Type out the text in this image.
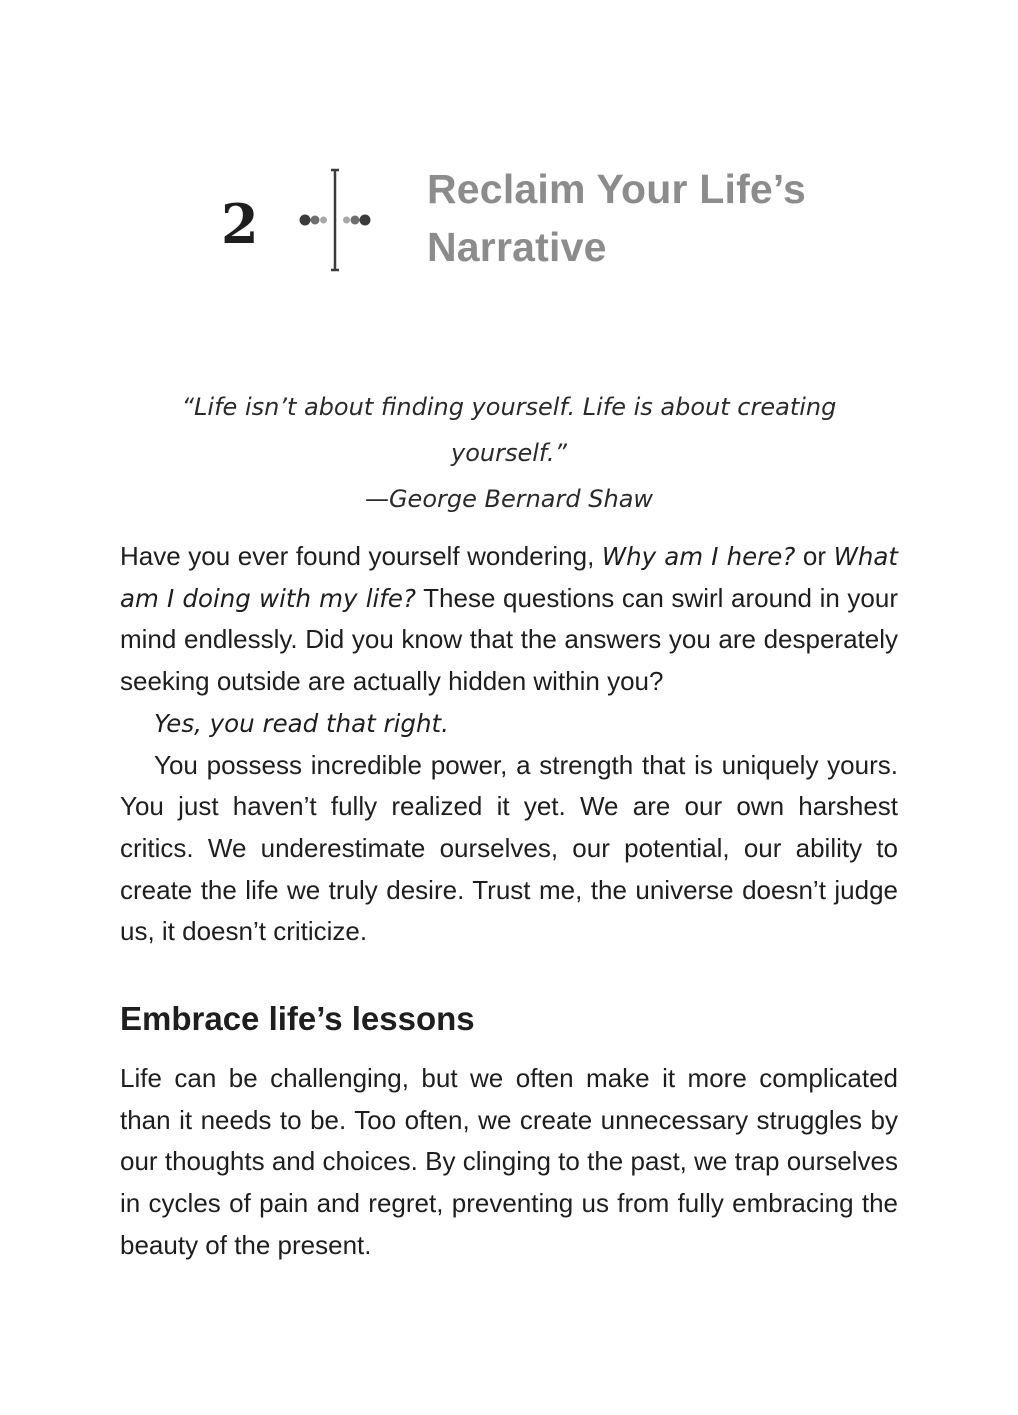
2
Reclaim Your Life’s
Narrative
“Life isn’t about finding yourself. Life is about creating yourself.”
—George Bernard Shaw

Have you ever found yourself wondering, Why am I here? or What am I doing with my life? These questions can swirl around in your mind endlessly. Did you know that the answers you are desperately seeking outside are actually hidden within you?

Yes, you read that right.

You possess incredible power, a strength that is uniquely yours. You just haven’t fully realized it yet. We are our own harshest critics. We underestimate ourselves, our potential, our ability to create the life we truly desire. Trust me, the universe doesn’t judge us, it doesn’t criticize.

Embrace life’s lessons

Life can be challenging, but we often make it more complicated than it needs to be. Too often, we create unnecessary struggles by our thoughts and choices. By clinging to the past, we trap ourselves in cycles of pain and regret, preventing us from fully embracing the beauty of the present.
